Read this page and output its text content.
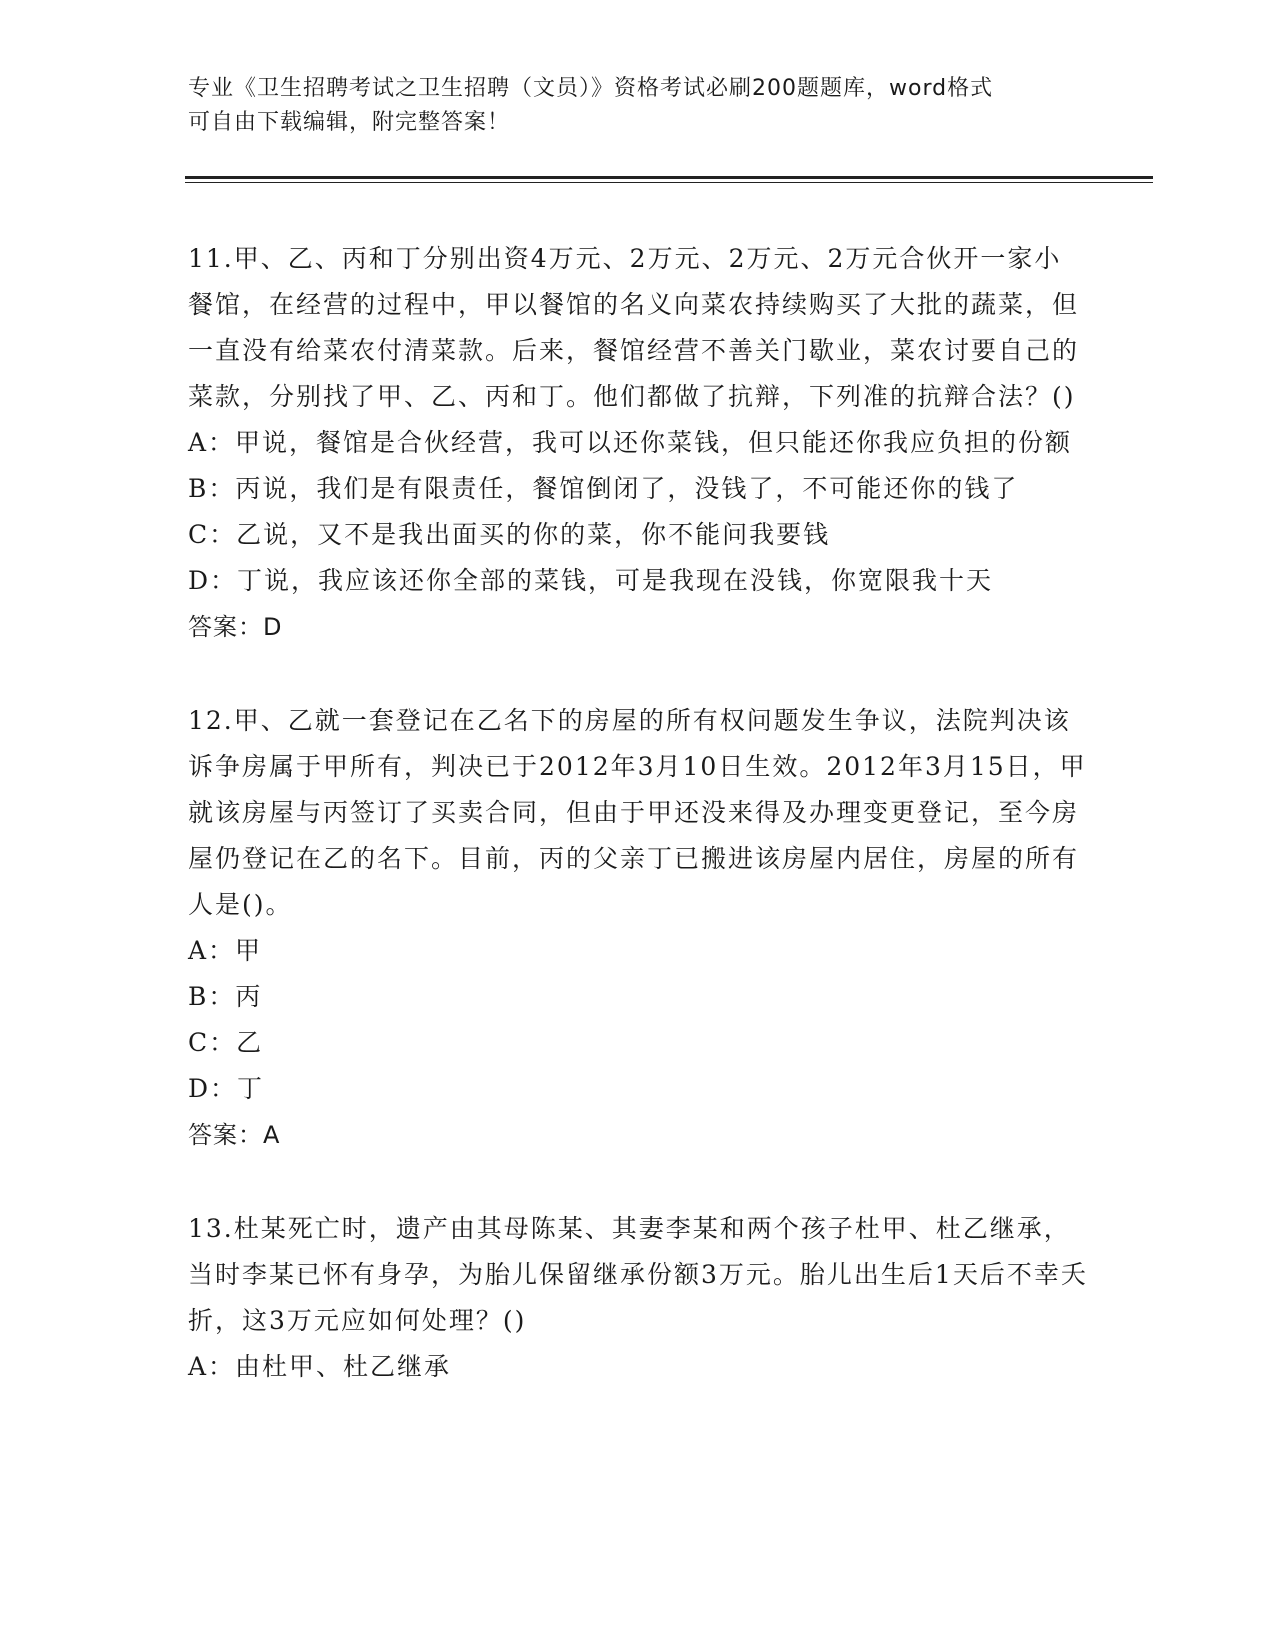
专业《卫生招聘考试之卫生招聘（文员）》资格考试必刷200题题库，word格式
可自由下载编辑，附完整答案！

11.甲、乙、丙和丁分别出资4万元、2万元、2万元、2万元合伙开一家小餐馆，在经营的过程中，甲以餐馆的名义向菜农持续购买了大批的蔬菜，但一直没有给菜农付清菜款。后来，餐馆经营不善关门歇业，菜农讨要自己的菜款，分别找了甲、乙、丙和丁。他们都做了抗辩，下列准的抗辩合法？()

A：甲说，餐馆是合伙经营，我可以还你菜钱，但只能还你我应负担的份额

B：丙说，我们是有限责任，餐馆倒闭了，没钱了，不可能还你的钱了

C：乙说，又不是我出面买的你的菜，你不能问我要钱

D：丁说，我应该还你全部的菜钱，可是我现在没钱，你宽限我十天

答案：D

12.甲、乙就一套登记在乙名下的房屋的所有权问题发生争议，法院判决该诉争房属于甲所有，判决已于2012年3月10日生效。2012年3月15日，甲就该房屋与丙签订了买卖合同，但由于甲还没来得及办理变更登记，至今房屋仍登记在乙的名下。目前，丙的父亲丁已搬进该房屋内居住，房屋的所有人是()。

A：甲

B：丙

C：乙

D：丁

答案：A

13.杜某死亡时，遗产由其母陈某、其妻李某和两个孩子杜甲、杜乙继承，当时李某已怀有身孕，为胎儿保留继承份额3万元。胎儿出生后1天后不幸夭折，这3万元应如何处理？()

A：由杜甲、杜乙继承
